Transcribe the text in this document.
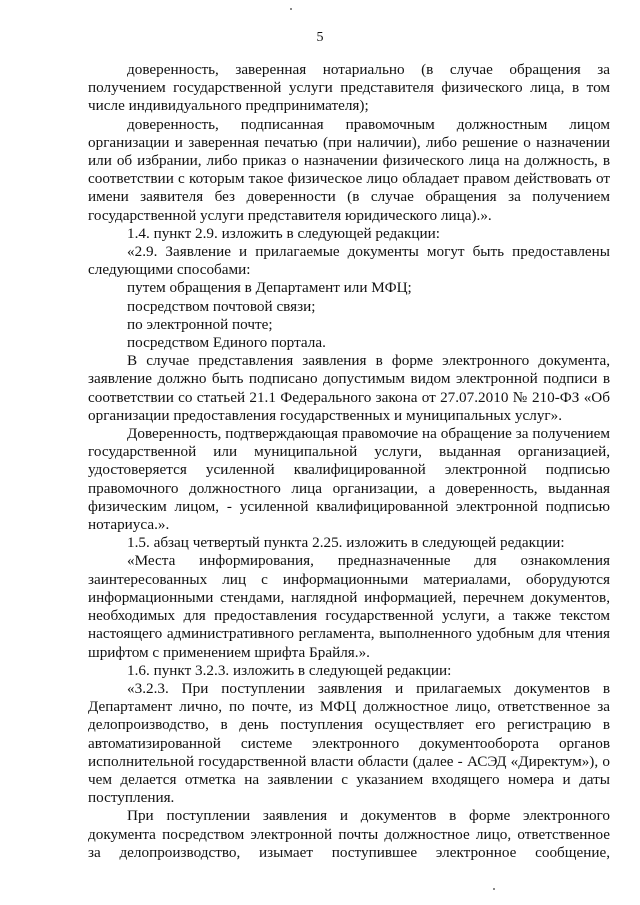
5

доверенность, заверенная нотариально (в случае обращения за получением государственной услуги представителя физического лица, в том числе индивидуального предпринимателя);

доверенность, подписанная правомочным должностным лицом организации и заверенная печатью (при наличии), либо решение о назначении или об избрании, либо приказ о назначении физического лица на должность, в соответствии с которым такое физическое лицо обладает правом действовать от имени заявителя без доверенности (в случае обращения за получением государственной услуги представителя юридического лица).».

1.4. пункт 2.9. изложить в следующей редакции:

«2.9. Заявление и прилагаемые документы могут быть предоставлены следующими способами:

путем обращения в Департамент или МФЦ;

посредством почтовой связи;

по электронной почте;

посредством Единого портала.

В случае представления заявления в форме электронного документа, заявление должно быть подписано допустимым видом электронной подписи в соответствии со статьей 21.1 Федерального закона от 27.07.2010 № 210-ФЗ «Об организации предоставления государственных и муниципальных услуг».

Доверенность, подтверждающая правомочие на обращение за получением государственной или муниципальной услуги, выданная организацией, удостоверяется усиленной квалифицированной электронной подписью правомочного должностного лица организации, а доверенность, выданная физическим лицом, - усиленной квалифицированной электронной подписью нотариуса.».

1.5. абзац четвертый пункта 2.25. изложить в следующей редакции:

«Места информирования, предназначенные для ознакомления заинтересованных лиц с информационными материалами, оборудуются информационными стендами, наглядной информацией, перечнем документов, необходимых для предоставления государственной услуги, а также текстом настоящего административного регламента, выполненного удобным для чтения шрифтом с применением шрифта Брайля.».

1.6. пункт 3.2.3. изложить в следующей редакции:

«3.2.3. При поступлении заявления и прилагаемых документов в Департамент лично, по почте, из МФЦ должностное лицо, ответственное за делопроизводство, в день поступления осуществляет его регистрацию в автоматизированной системе электронного документооборота органов исполнительной государственной власти области (далее - АСЭД «Директум»), о чем делается отметка на заявлении с указанием входящего номера и даты поступления.

При поступлении заявления и документов в форме электронного документа посредством электронной почты должностное лицо, ответственное за делопроизводство, изымает поступившее электронное сообщение,
